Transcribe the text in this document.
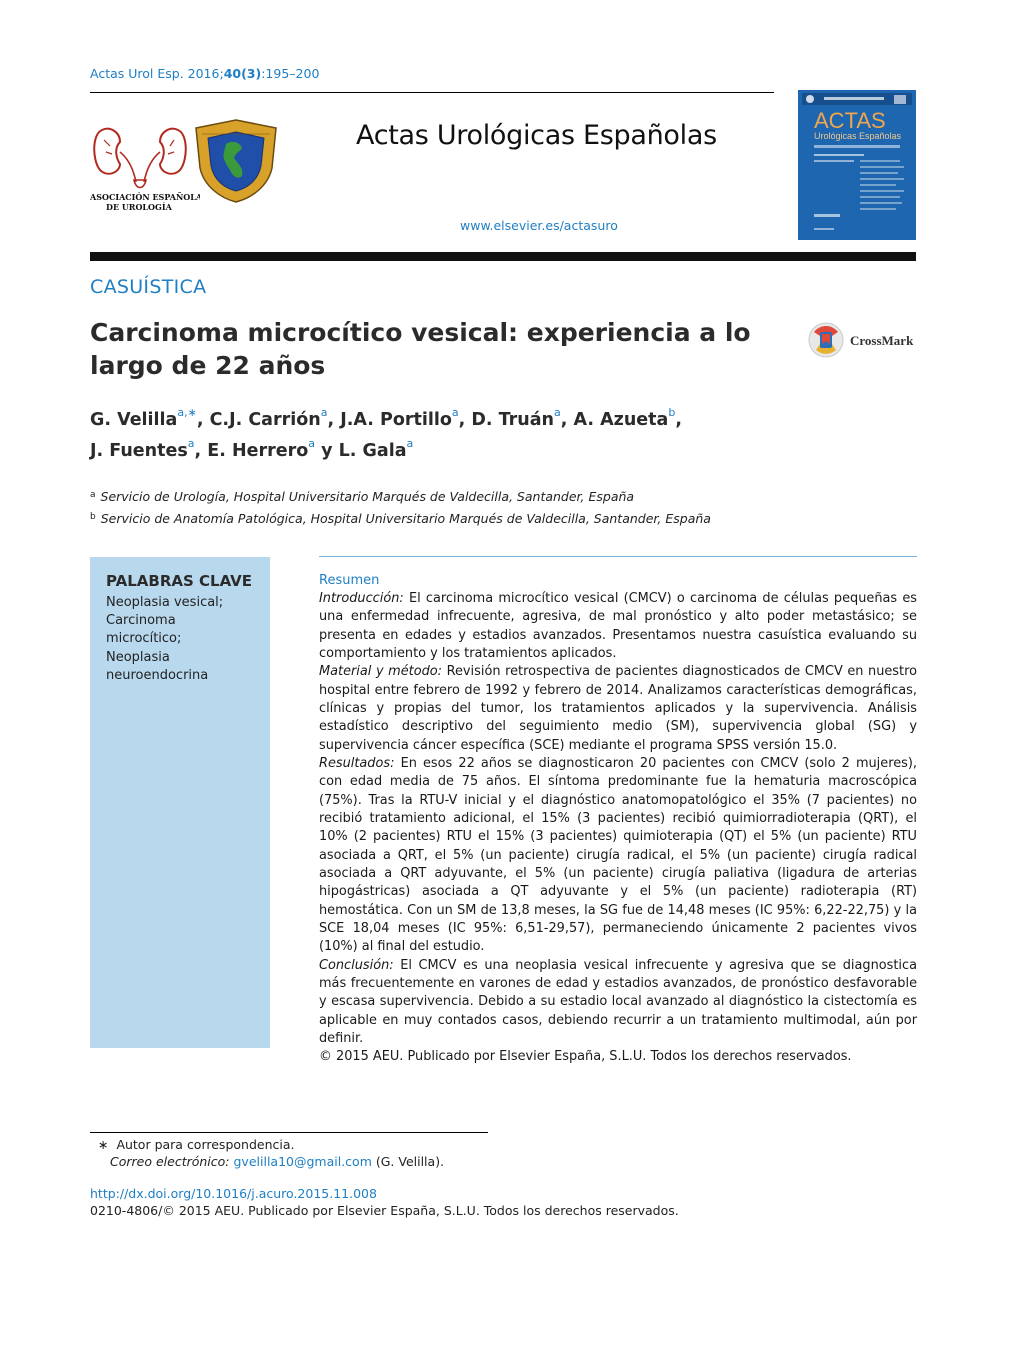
Actas Urol Esp. 2016;40(3):195–200
ASOCIACIÓN ESPAÑOLA
DE UROLOGÍA
Actas Urológicas Españolas
www.elsevier.es/actasuro
ACTAS
Urológicas Españolas
CASUÍSTICA
Carcinoma microcítico vesical: experiencia a lo largo de 22 años
CrossMark
G. Velilla$^{a,∗}$, C.J. Carrión$^a$, J.A. Portillo$^a$, D. Truán$^a$, A. Azueta$^b$,
J. Fuentes$^a$, E. Herrero$^a$ y L. Gala$^a$
$^a$ Servicio de Urología, Hospital Universitario Marqués de Valdecilla, Santander, España
$^b$ Servicio de Anatomía Patológica, Hospital Universitario Marqués de Valdecilla, Santander, España
PALABRAS CLAVE
Neoplasia vesical;
Carcinoma
microcítico;
Neoplasia
neuroendocrina
Resumen

Introducción: El carcinoma microcítico vesical (CMCV) o carcinoma de células pequeñas es una enfermedad infrecuente, agresiva, de mal pronóstico y alto poder metastásico; se presenta en edades y estadios avanzados. Presentamos nuestra casuística evaluando su comportamiento y los tratamientos aplicados.

Material y método: Revisión retrospectiva de pacientes diagnosticados de CMCV en nuestro hospital entre febrero de 1992 y febrero de 2014. Analizamos características demográficas, clínicas y propias del tumor, los tratamientos aplicados y la supervivencia. Análisis estadístico descriptivo del seguimiento medio (SM), supervivencia global (SG) y supervivencia cáncer específica (SCE) mediante el programa SPSS versión 15.0.

Resultados: En esos 22 años se diagnosticaron 20 pacientes con CMCV (solo 2 mujeres), con edad media de 75 años. El síntoma predominante fue la hematuria macroscópica (75%). Tras la RTU-V inicial y el diagnóstico anatomopatológico el 35% (7 pacientes) no recibió tratamiento adicional, el 15% (3 pacientes) recibió quimiorradioterapia (QRT), el 10% (2 pacientes) RTU el 15% (3 pacientes) quimioterapia (QT) el 5% (un paciente) RTU asociada a QRT, el 5% (un paciente) cirugía radical, el 5% (un paciente) cirugía radical asociada a QRT adyuvante, el 5% (un paciente) cirugía paliativa (ligadura de arterias hipogástricas) asociada a QT adyuvante y el 5% (un paciente) radioterapia (RT) hemostática. Con un SM de 13,8 meses, la SG fue de 14,48 meses (IC 95%: 6,22-22,75) y la SCE 18,04 meses (IC 95%: 6,51-29,57), permaneciendo únicamente 2 pacientes vivos (10%) al final del estudio.

Conclusión: El CMCV es una neoplasia vesical infrecuente y agresiva que se diagnostica más frecuentemente en varones de edad y estadios avanzados, de pronóstico desfavorable y escasa supervivencia. Debido a su estadio local avanzado al diagnóstico la cistectomía es aplicable en muy contados casos, debiendo recurrir a un tratamiento multimodal, aún por definir.

© 2015 AEU. Publicado por Elsevier España, S.L.U. Todos los derechos reservados.

∗ Autor para correspondencia.
Correo electrónico: gvelilla10@gmail.com (G. Velilla).
http://dx.doi.org/10.1016/j.acuro.2015.11.008
0210-4806/© 2015 AEU. Publicado por Elsevier España, S.L.U. Todos los derechos reservados.
